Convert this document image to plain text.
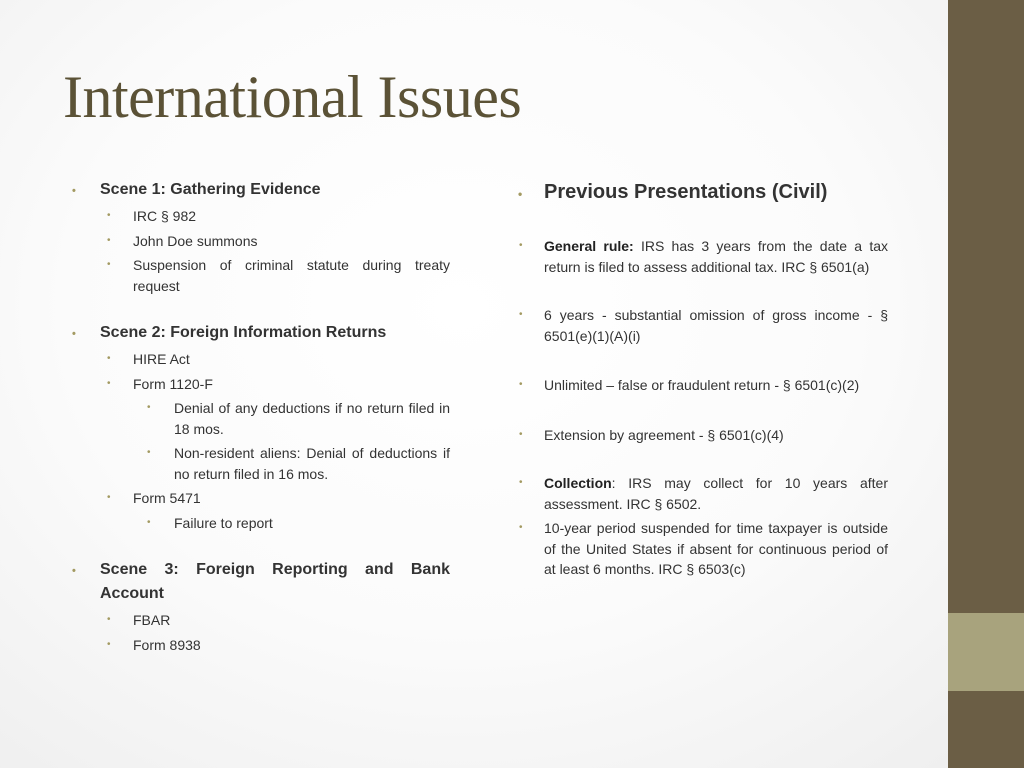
International Issues
• Scene 1: Gathering Evidence
• IRC § 982
• John Doe summons
• Suspension of criminal statute during treaty request
• Scene 2: Foreign Information Returns
• HIRE Act
• Form 1120-F
• Denial of any deductions if no return filed in 18 mos.
• Non-resident aliens: Denial of deductions if no return filed in 16 mos.
• Form 5471
• Failure to report
• Scene 3: Foreign Reporting and Bank Account
• FBAR
• Form 8938
• Previous Presentations (Civil)
• General rule: IRS has 3 years from the date a tax return is filed to assess additional tax. IRC § 6501(a)
• 6 years - substantial omission of gross income - § 6501(e)(1)(A)(i)
• Unlimited – false or fraudulent return - § 6501(c)(2)
• Extension by agreement - § 6501(c)(4)
• Collection: IRS may collect for 10 years after assessment. IRC § 6502.
• 10-year period suspended for time taxpayer is outside of the United States if absent for continuous period of at least 6 months. IRC § 6503(c)
